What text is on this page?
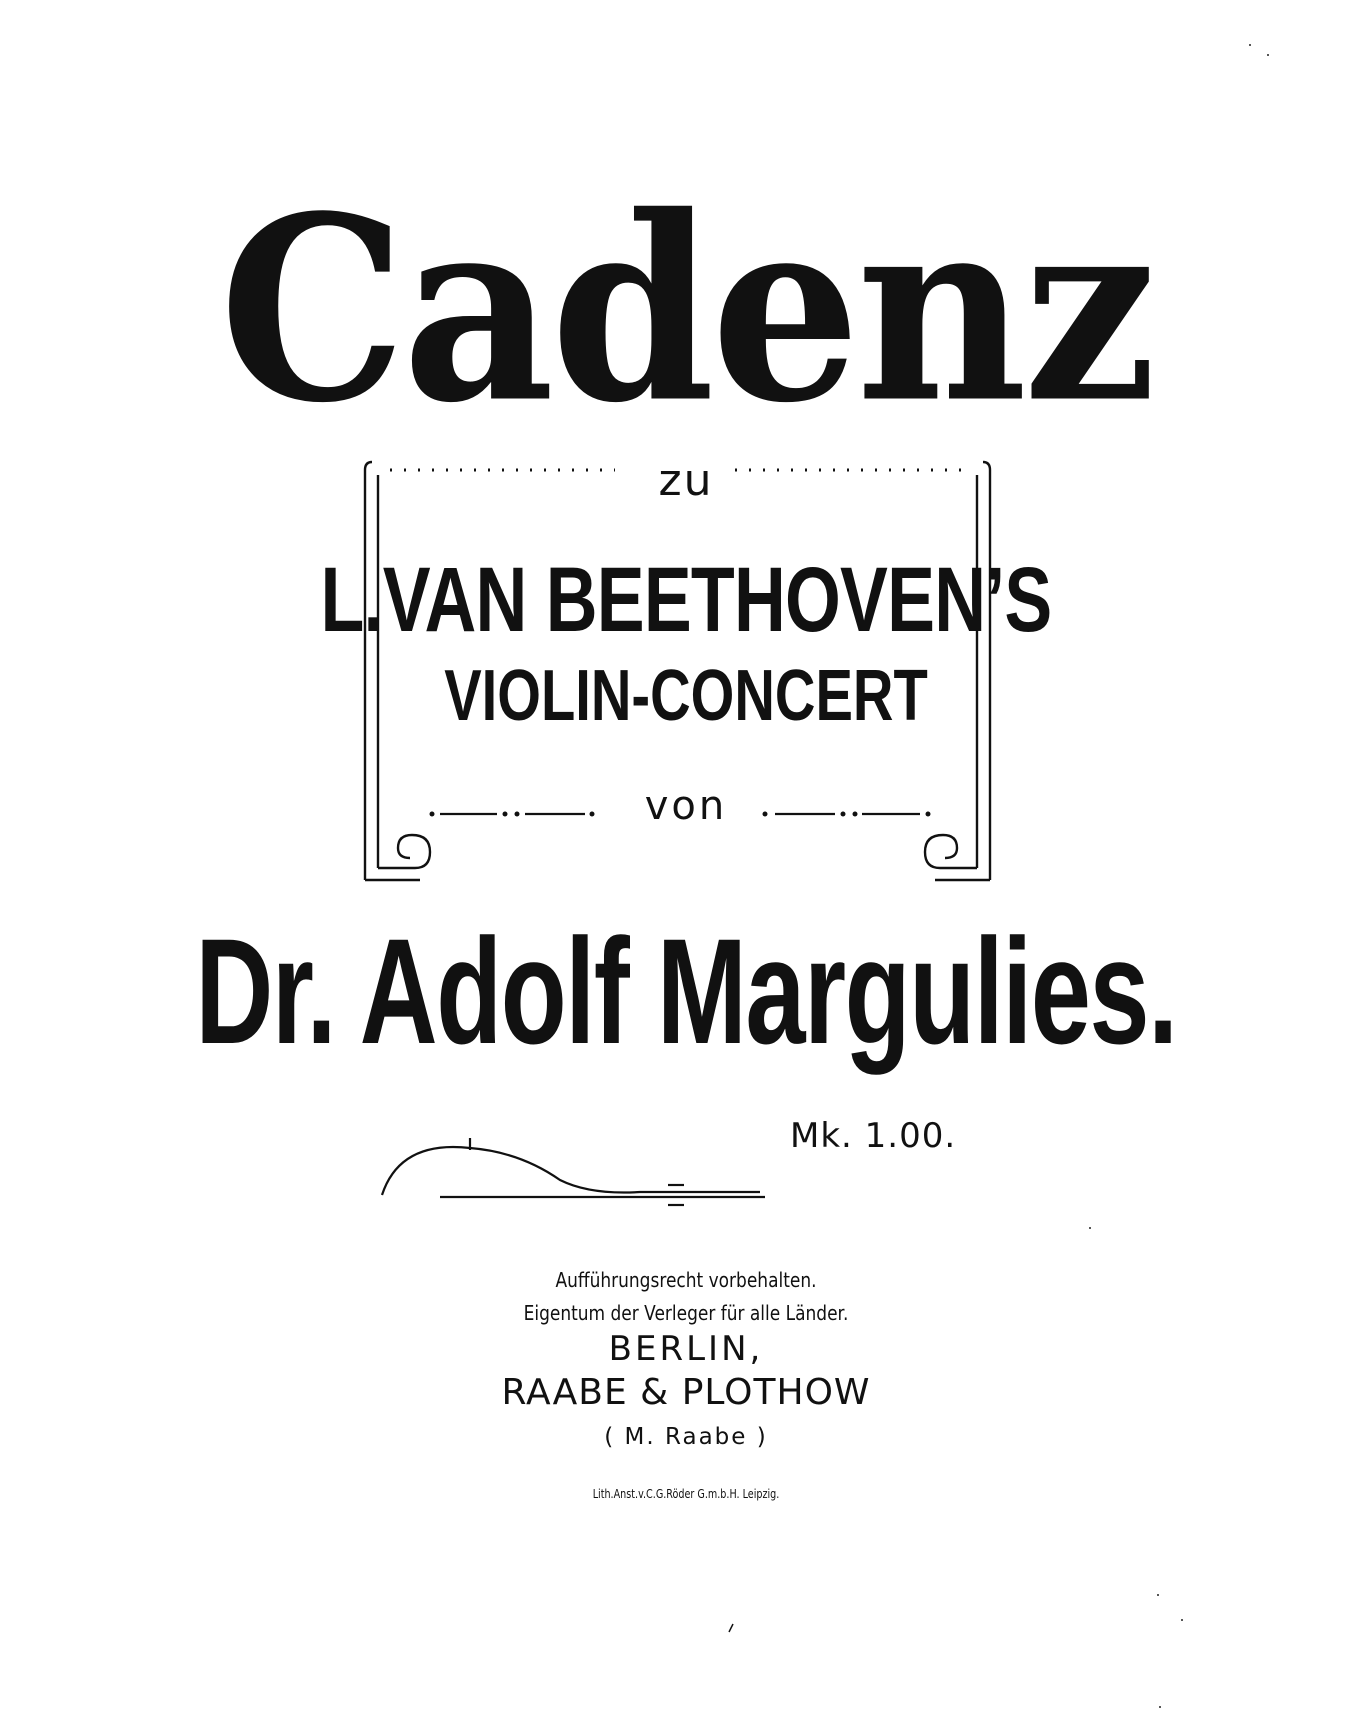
Cadenz
zu
L.VAN BEETHOVEN’S
VIOLIN-CONCERT
von
Dr. Adolf Margulies.
Mk. 1.00.
Aufführungsrecht vorbehalten.
Eigentum der Verleger für alle Länder.
BERLIN,
RAABE & PLOTHOW
( M. Raabe )
Lith.Anst.v.C.G.Röder G.m.b.H. Leipzig.
